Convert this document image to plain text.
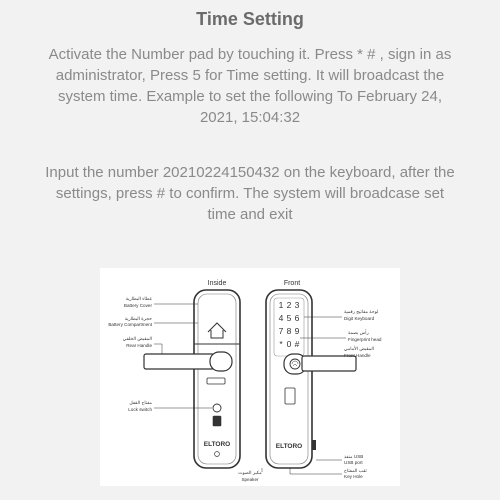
Time Setting
Activate the Number pad by touching it. Press * # , sign in as administrator, Press 5 for Time setting. It will broadcast the system time. Example to set the following To February 24, 2021, 15:04:32
Input the number 20210224150432 on the keyboard, after the settings, press # to confirm. The system will broadcase set time and exit
Inside	Front
ELTORO
1 2 3
4 5 6
7 8 9
* 0 #
ELTORO
غطاء البطارية
Battery Cover
حجرة البطارية
Battery Compartment
المقبض الخلفي
Rear Handle
مفتاح القفل
Lock switch
لوحة مفاتيح رقمية
Digit Keyboard
رأس بصمة
Fingerprint head
المقبض الأمامي
Front Handle
منفذ USB
USB port
ثقب المفتاح
Key Hole
مكبر الصوت
Speaker
